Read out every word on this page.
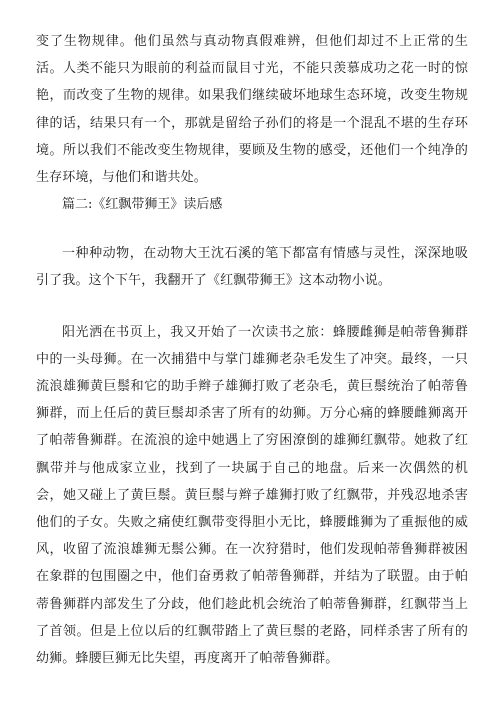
变了生物规律。他们虽然与真动物真假难辨，但他们却过不上正常的生活。人类不能只为眼前的利益而鼠目寸光，不能只羡慕成功之花一时的惊艳，而改变了生物的规律。如果我们继续破坏地球生态环境，改变生物规律的话，结果只有一个，那就是留给子孙们的将是一个混乱不堪的生存环境。所以我们不能改变生物规律，要顾及生物的感受，还他们一个纯净的生存环境，与他们和谐共处。

篇二:《红飘带狮王》读后感

一种种动物，在动物大王沈石溪的笔下都富有情感与灵性，深深地吸引了我。这个下午，我翻开了《红飘带狮王》这本动物小说。

阳光洒在书页上，我又开始了一次读书之旅：蜂腰雌狮是帕蒂鲁狮群中的一头母狮。在一次捕猎中与掌门雄狮老杂毛发生了冲突。最终，一只流浪雄狮黄巨鬃和它的助手辫子雄狮打败了老杂毛，黄巨鬃统治了帕蒂鲁狮群，而上任后的黄巨鬃却杀害了所有的幼狮。万分心痛的蜂腰雌狮离开了帕蒂鲁狮群。在流浪的途中她遇上了穷困潦倒的雄狮红飘带。她救了红飘带并与他成家立业，找到了一块属于自己的地盘。后来一次偶然的机会，她又碰上了黄巨鬃。黄巨鬃与辫子雄狮打败了红飘带，并残忍地杀害他们的子女。失败之痛使红飘带变得胆小无比，蜂腰雌狮为了重振他的威风，收留了流浪雄狮无鬃公狮。在一次狩猎时，他们发现帕蒂鲁狮群被困在象群的包围圈之中，他们奋勇救了帕蒂鲁狮群，并结为了联盟。由于帕蒂鲁狮群内部发生了分歧，他们趁此机会统治了帕蒂鲁狮群，红飘带当上了首领。但是上位以后的红飘带踏上了黄巨鬃的老路，同样杀害了所有的幼狮。蜂腰巨狮无比失望，再度离开了帕蒂鲁狮群。
